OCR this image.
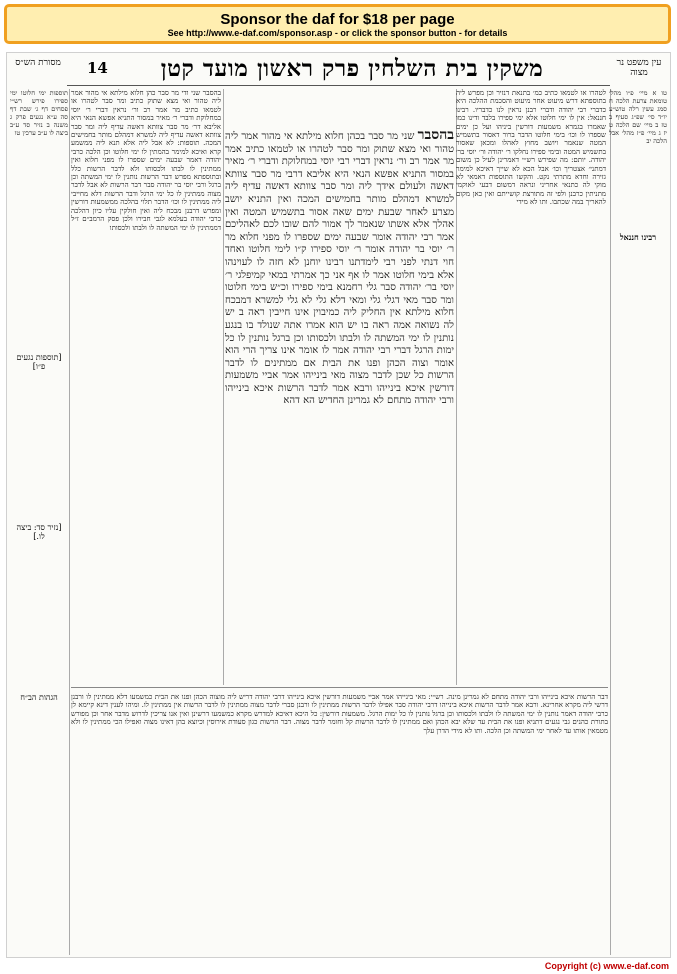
Sponsor the daf for $18 per page
See http://www.e-daf.com/sponsor.asp - or click the sponsor button - for details
מסורת הש״ס 14	משקין בית השלחין פרק ראשון מועד קטן	עין משפט נר מצוה
תוספות ימי חלוטו ימי ספירו פירש רש״י פסחים דף ג׳ שבת דף סה ע״א נגעים פרק ג משנה ב נזיר סד ע״ב ביצה לו ע״ב ערכין טו
[תוספות נגעים פ״ו]
[נזיר סד: ביצה לו.]
הגהות הב״ח
טו א מיי׳ פ״ו מהל׳ טומאת צרעת הלכה ח סמג עשין רלה טוש״ע יו״ד סי׳ שפ״ג סעיף ב טז ב מיי׳ שם הלכה ט יז ג מיי׳ פ״ז מהל׳ אבל הלכה יב
רבינו חננאל
בהסבר שני ודי מר סבר כהן חלוא מילתא אי מהור אמר ליה טהור ואי מצא שתוק כתיב ומר סבר לטהרו או לטמאו כתיב מר אמר רב ור׳ נראין דברי ר׳ יוסי במחלוקת ודברי ר׳ מאיר במסור התניא אפשא הנאי היא אליבא דר׳ מר סבר צוותא דאשה עדיף ליה ומר סבר צוותא דאשה עדיף ליה למשרא דמהלם מותר בחמישים המכה. תוספות: לא אבל ליה אלא תנא ליה ממשמע קרא ואיכא למימר בהמתין לו ימי חלוטו וכן הלכה כרבי יהודה דאמר שבעה ימים שספרו לו מפני חלוא ואין ממתינין לו לבתו ולכסותו ולא לדבר הרשות כלל ובתוספתא מפרש דבר הרשות נותנין לו ימי המשתה וכן ברגל ורבי יוסי בר יהודה סבר דבר הרשות לא אבל לדבר מצוה ממתינין לו כל ימי הרגל ודבר הרשות דלא מחייבי ליה ממתינין לו וכו׳ הדבר תלוי בהלכה ממשמעות דורשין ומפרש דרבנן מבכח ליה ואין חולקין עליו כיון דהלכה כרבי יהודה בעלמא לגבי חבירו ולכן פסק הרמב״ם ז״ל דממתינין לו ימי המשתה לו ולבתו ולכסותו
לטהרו או לטמאו כתיב כמ׳ בתנאת דנזיר וכן מפרש ליה בתוספתא דרש מיעוט אחר מיעוט והסכמת ההלכה היא כדברי רבי יהודה ודברי רבנן נראין לנו כדבריו. רבינו חננאל: אין לו ימי חלוטו אלא ימי ספירו בלבד ודינו כמו שאמרו בגמרא משמעות דורשין ביניהו ועל כן ימים שספרו לו וכו׳ בימי חלוטו הדבר ברור דאסור בתשמיש המטה שנאמר ויושב מחוץ לאהלו ומכאן שאסור בתשמיש המטה ובימי ספירו נחלקו ר׳ יהודה ור׳ יוסי בר׳ יהודה. יותם: מה שפירש רש״י דאמרינן לעיל כן משום דמתני׳ אצטריך וכו׳ אבל הכא לא שייך דאיכא למימר גזירה וחדא מתרתי נקט. והקשו התוספות דאמאי לא מוקי לה כתנאי אחריני ונראה דמשום דבעי לאוקמי מתניתין כרבנן ולפי זה מתורצת קושייתם ואין כאן מקום להאריך במה שכתבו. ותו לא מידי
בהסבר שני מר סבר בכהן חלוא מילתא אי מהור אמר ליה טהור ואי מצא שתוק ומר סבר לטהרו או לטמאו כתיב אמר מר אמר רב ור׳ נראין דברי רבי יוסי במחלוקת ודברי ר׳ מאיר במסור התניא אפשא הנאי היא אליבא דרבי מר סבר צוותא דאשה ולעולם אידך ליה ומר סבר צוותא דאשה עדיף ליה למשרא דמהלם מותר בחמישים המכה ואין התניא יושב מצרע לאחר שבעת ימים שאה אסור בתשמיש המטה ואין אהלך אלא אשתו שנאמר לך אמור להם שובו לכם לאהליכם אמר רבי יהודה אומר שבעה ימים שספרו לו מפני חלוא מר ר׳ יוסי בר יהודה אומר ר׳ יוסי ספירו ק״ו לימי חלוטו ואחד חוי דנתי לפני רבי לימדתנו רבינו יוחנן לא חזה לו לעוינהו אלא בימי חלוטו אמר לו אף אני כך אמרתי במאי קמיפלגי ר׳ יוסי בר׳ יהודה סבר גלי רחמנא בימי ספירו וכ״ש בימי חלוטו ומר סבר מאי דגלי גלי ומאי דלא גלי לא גלי למשרא דמבכח חלוא מילתא אין החליק ליה כמיבוין אינו חייבין ראה ב יש לה נשואה אמה ראה בו יש הוא אמרו אתה שנולד בו בנגע נותנין לו ימי המשתה לו ולבתו ולכסותו וכן ברגל נותנין לו כל ימות הרגל דברי רבי יהודה אמר לו אומר אינו צריך הרי הוא אומר וצוה הכהן ופנו את הבית אם ממתינים לו לדבר הרשות כל שכן לדבר מצוה מאי בינייהו אמר אביי משמעות דורשין איכא בינייהו ורבא אמר לדבר הרשות איכא בינייהו ורבי יהודה מתחם לא גמרינן החדיש הא דהא
דבר הרשות איכא בינייהו ורבי יהודה מתחם לא גמרינן מינה. רש״י: מאי בינייהו אמר אביי משמעות דורשין איכא בינייהו דרבי יהודה דריש ליה מוצוה הכהן ופנו את הבית כמשמעו דלא ממתינין לו ורבנן דרשי ליה מקרא אחרינא. ורבא אמר לדבר הרשות איכא בינייהו דרבי יהודה סבר אפילו לדבר הרשות ממתינין לו ורבנן סברי לדבר מצוה ממתינין לו לדבר הרשות אין ממתינין לו. ומיהו לענין דינא קיימא לן כרבי יהודה דאמר נותנין לו ימי המשתה לו ולבתו ולכסותו וכן ברגל נותנין לו כל ימות הרגל. משמעות דורשין: כל היכא דאיכא למדרש מקרא כמשמעו דרשינן ואין אנו צריכין לדרוש מדבר אחר וכן מפורש בתורת כהנים גבי נגעים דתניא ופנו את הבית עד שלא יבא הכהן ואם ממתינין לו לדבר הרשות קל וחומר לדבר מצוה. דבר הרשות כגון סעודת אירוסין וכיוצא בהן דאינו מצוה ואפילו הכי ממתינין לו ולא מטמאין אותו עד לאחר ימי המשתה וכן הלכה. ותו לא מידי הדרן עלך
Copyright (c) www.e-daf.com
